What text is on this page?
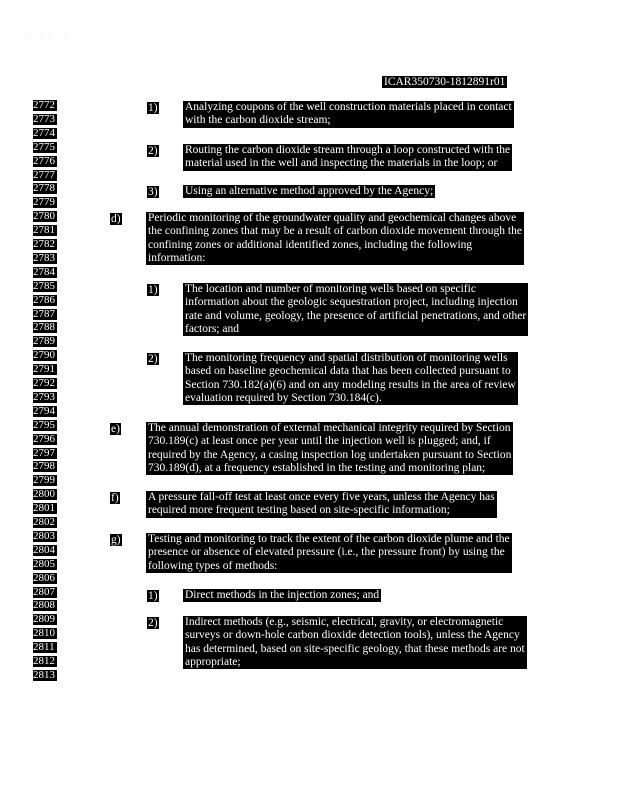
· ·· ·
ICAR350730-1812891r01
2772
2773
2774
2775
2776
2777
2778
2779
2780
2781
2782
2783
2784
2785
2786
2787
2788
2789
2790
2791
2792
2793
2794
2795
2796
2797
2798
2799
2800
2801
2802
2803
2804
2805
2806
2807
2808
2809
2810
2811
2812
2813
1) Analyzing coupons of the well construction materials placed in contact
with the carbon dioxide stream;
2) Routing the carbon dioxide stream through a loop constructed with the
material used in the well and inspecting the materials in the loop; or
3) Using an alternative method approved by the Agency;
d) Periodic monitoring of the groundwater quality and geochemical changes above
the confining zones that may be a result of carbon dioxide movement through the
confining zones or additional identified zones, including the following
information:
1) The location and number of monitoring wells based on specific
information about the geologic sequestration project, including injection
rate and volume, geology, the presence of artificial penetrations, and other
factors; and
2) The monitoring frequency and spatial distribution of monitoring wells
based on baseline geochemical data that has been collected pursuant to
Section 730.182(a)(6) and on any modeling results in the area of review
evaluation required by Section 730.184(c).
e) The annual demonstration of external mechanical integrity required by Section
730.189(c) at least once per year until the injection well is plugged; and, if
required by the Agency, a casing inspection log undertaken pursuant to Section
730.189(d), at a frequency established in the testing and monitoring plan;
f)	A pressure fall-off test at least once every five years, unless the Agency has
required more frequent testing based on site-specific information;
g) Testing and monitoring to track the extent of the carbon dioxide plume and the
presence or absence of elevated pressure (i.e., the pressure front) by using the
following types of methods:
1) Direct methods in the injection zones; and
2) Indirect methods (e.g., seismic, electrical, gravity, or electromagnetic
surveys or down-hole carbon dioxide detection tools), unless the Agency
has determined, based on site-specific geology, that these methods are not
appropriate;
